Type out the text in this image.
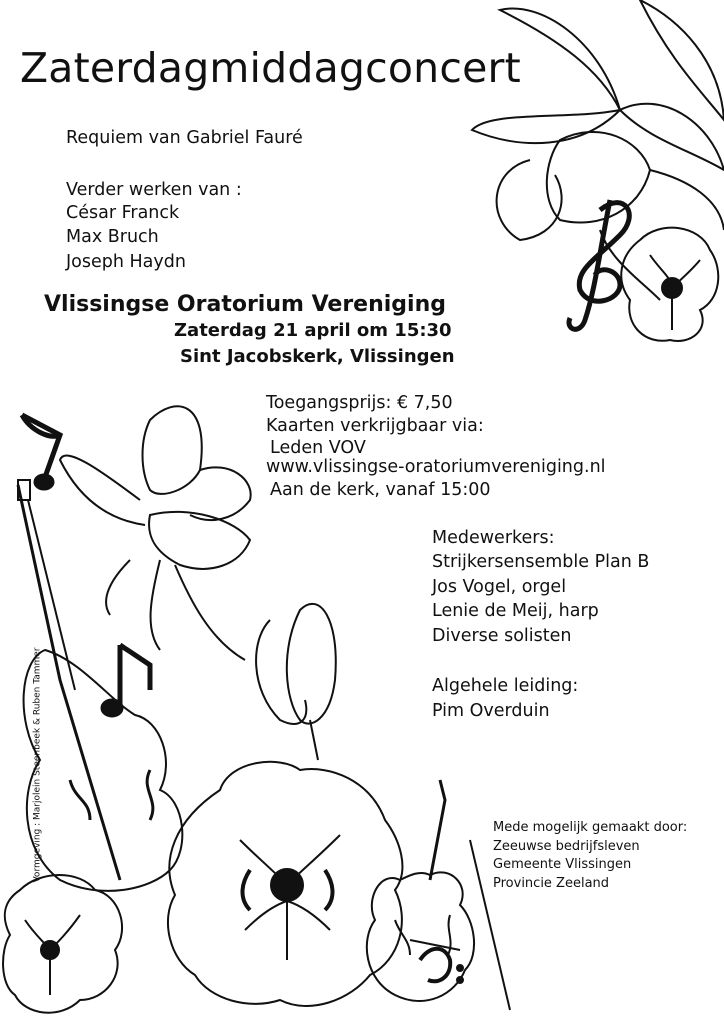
Zaterdagmiddagconcert
Requiem van Gabriel Fauré
Verder werken van :
César Franck
Max Bruch
Joseph Haydn
Vlissingse Oratorium Vereniging
Zaterdag 21 april om 15:30
Sint Jacobskerk, Vlissingen
Toegangsprijs: € 7,50
Kaarten verkrijgbaar via:
Leden VOV
www.vlissingse-oratoriumvereniging.nl
Aan de kerk, vanaf 15:00
Medewerkers:
Strijkersensemble Plan B
Jos Vogel, orgel
Lenie de Meij, harp
Diverse solisten
Algehele leiding:
Pim Overduin
Mede mogelijk gemaakt door:
Zeeuwse bedrijfsleven
Gemeente Vlissingen
Provincie Zeeland
Vormgeving : Marjolein Steenbeek & Ruben Tammer
